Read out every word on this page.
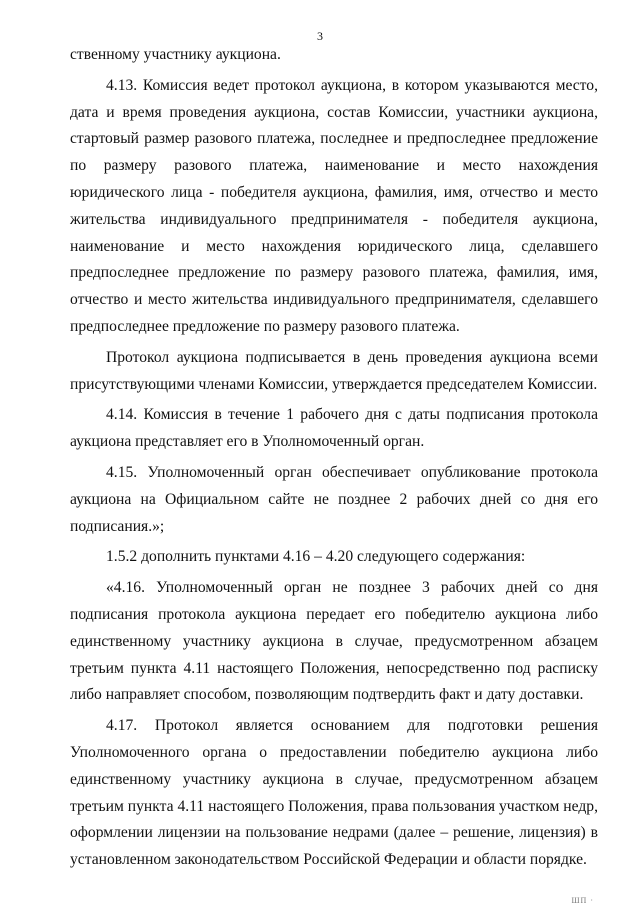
3

ственному участнику аукциона.

4.13. Комиссия ведет протокол аукциона, в котором указываются место, дата и время проведения аукциона, состав Комиссии, участники аукциона, стартовый размер разового платежа, последнее и предпоследнее предложение по размеру разового платежа, наименование и место нахождения юридического лица - победителя аукциона, фамилия, имя, отчество и место жительства индивидуального предпринимателя - победителя аукциона, наименование и место нахождения юридического лица, сделавшего предпоследнее предложение по размеру разового платежа, фамилия, имя, отчество и место жительства индивидуального предпринимателя, сделавшего предпоследнее предложение по размеру разового платежа.

Протокол аукциона подписывается в день проведения аукциона всеми присутствующими членами Комиссии, утверждается председателем Комиссии.

4.14. Комиссия в течение 1 рабочего дня с даты подписания протокола аукциона представляет его в Уполномоченный орган.

4.15. Уполномоченный орган обеспечивает опубликование протокола аукциона на Официальном сайте не позднее 2 рабочих дней со дня его подписания.»;

1.5.2 дополнить пунктами 4.16 – 4.20 следующего содержания:

«4.16. Уполномоченный орган не позднее 3 рабочих дней со дня подписания протокола аукциона передает его победителю аукциона либо единственному участнику аукциона в случае, предусмотренном абзацем третьим пункта 4.11 настоящего Положения, непосредственно под расписку либо направляет способом, позволяющим подтвердить факт и дату доставки.

4.17. Протокол является основанием для подготовки решения Уполномоченного органа о предоставлении победителю аукциона либо единственному участнику аукциона в случае, предусмотренном абзацем третьим пункта 4.11 настоящего Положения, права пользования участком недр, оформлении лицензии на пользование недрами (далее – решение, лицензия) в установленном законодательством Российской Федерации и области порядке.

ШП ·
